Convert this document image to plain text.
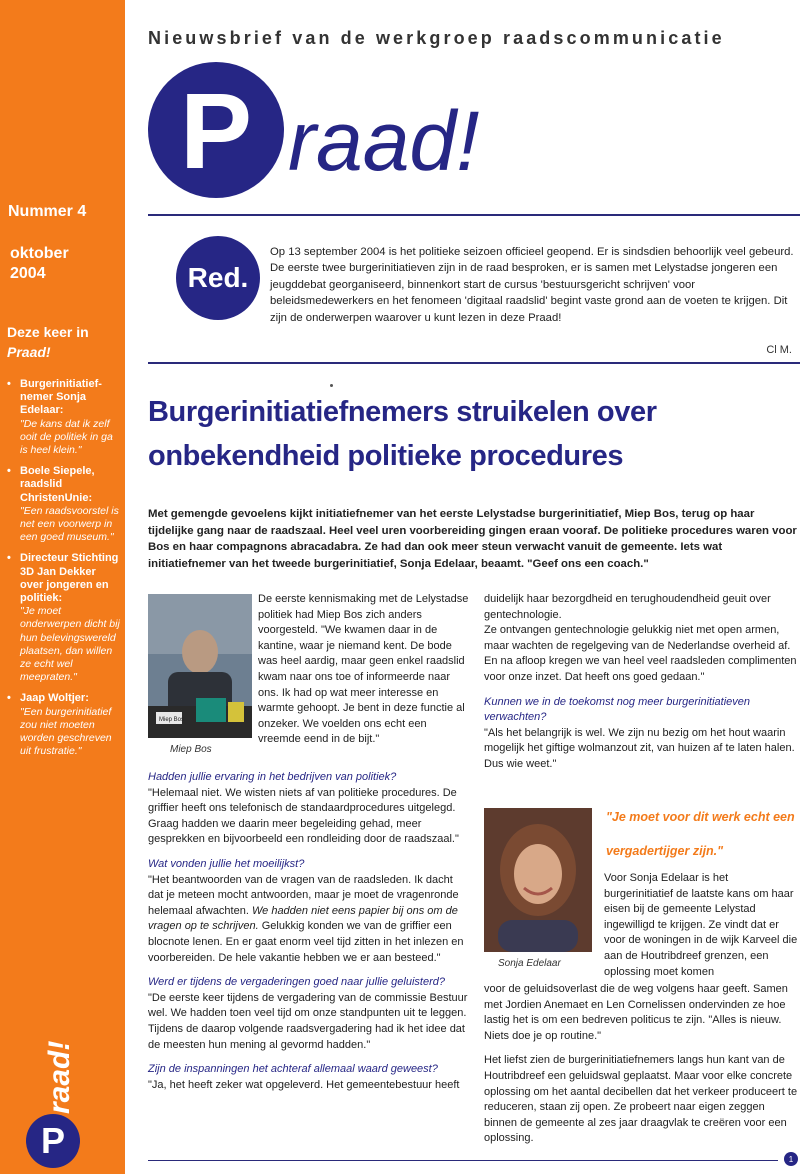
Nummer 4
oktober
2004
Deze keer in
Praad!
• Burgerinitiatief-nemer Sonja Edelaar:
"De kans dat ik zelf ooit de politiek in ga is heel klein."
• Boele Siepele, raadslid ChristenUnie:
"Een raadsvoorstel is net een voorwerp in een goed museum."
• Directeur Stichting 3D Jan Dekker over jongeren en politiek:
"Je moet onderwerpen dicht bij hun belevingswereld plaatsen, dan willen ze echt wel meepraten."
• Jaap Woltjer:
"Een burgerinitiatief zou niet moeten worden geschreven uit frustratie."
P
raad!
Nieuwsbrief van de werkgroep raadscommunicatie
P raad!
Red.
Op 13 september 2004 is het politieke seizoen officieel geopend. Er is sindsdien behoorlijk veel gebeurd. De eerste twee burgerinitiatieven zijn in de raad besproken, er is samen met Lelystadse jongeren een jeugddebat georganiseerd, binnenkort start de cursus 'bestuursgericht schrijven' voor beleidsmedewerkers en het fenomeen 'digitaal raadslid' begint vaste grond aan de voeten te krijgen. Dit zijn de onderwerpen waarover u kunt lezen in deze Praad!
Cl M.
Burgerinitiatiefnemers struikelen over onbekendheid politieke procedures
Met gemengde gevoelens kijkt initiatiefnemer van het eerste Lelystadse burgerinitiatief, Miep Bos, terug op haar tijdelijke gang naar de raadszaal. Heel veel uren voorbereiding gingen eraan vooraf. De politieke procedures waren voor Bos en haar compagnons abracadabra. Ze had dan ook meer steun verwacht vanuit de gemeente. Iets wat initiatiefnemer van het tweede burgerinitiatief, Sonja Edelaar, beaamt. "Geef ons een coach."
Miep Bos
Miep Bos
De eerste kennismaking met de Lelystadse politiek had Miep Bos zich anders voorgesteld. "We kwamen daar in de kantine, waar je niemand kent. De bode was heel aardig, maar geen enkel raadslid kwam naar ons toe of informeerde naar ons. Ik had op wat meer interesse en warmte gehoopt. Je bent in deze functie al onzeker. We voelden ons echt een vreemde eend in de bijt."
Hadden jullie ervaring in het bedrijven van politiek?
"Helemaal niet. We wisten niets af van politieke procedures. De griffier heeft ons telefonisch de standaardprocedures uitgelegd. Graag hadden we daarin meer begeleiding gehad, meer gesprekken en bijvoorbeeld een rondleiding door de raadszaal."
Wat vonden jullie het moeilijkst?
"Het beantwoorden van de vragen van de raadsleden. Ik dacht dat je meteen mocht antwoorden, maar je moet de vragenronde helemaal afwachten. We hadden niet eens papier bij ons om de vragen op te schrijven. Gelukkig konden we van de griffier een blocnote lenen. En er gaat enorm veel tijd zitten in het inlezen en voorbereiden. De hele vakantie hebben we er aan besteed."
Werd er tijdens de vergaderingen goed naar jullie geluisterd?
"De eerste keer tijdens de vergadering van de commissie Bestuur wel. We hadden toen veel tijd om onze standpunten uit te leggen. Tijdens de daarop volgende raadsvergadering had ik het idee dat de meesten hun mening al gevormd hadden."
Zijn de inspanningen het achteraf allemaal waard geweest?
"Ja, het heeft zeker wat opgeleverd. Het gemeentebestuur heeft
duidelijk haar bezorgdheid en terughoudendheid geuit over gentechnologie.
Ze ontvangen gentechnologie gelukkig niet met open armen, maar wachten de regelgeving van de Nederlandse overheid af. En na afloop kregen we van heel veel raadsleden complimenten voor onze inzet. Dat heeft ons goed gedaan."
Kunnen we in de toekomst nog meer burgerinitiatieven verwachten?
"Als het belangrijk is wel. We zijn nu bezig om het hout waarin mogelijk het giftige wolmanzout zit, van huizen af te laten halen. Dus wie weet."
Sonja Edelaar
"Je moet voor dit werk echt een vergadertijger zijn."
Voor Sonja Edelaar is het burgerinitiatief de laatste kans om haar eisen bij de gemeente Lelystad ingewilligd te krijgen. Ze vindt dat er voor de woningen in de wijk Karveel die aan de Houtribdreef grenzen, een oplossing moet komen
voor de geluidsoverlast die de weg volgens haar geeft. Samen met Jordien Anemaet en Len Cornelissen ondervinden ze hoe lastig het is om een bedreven politicus te zijn. "Alles is nieuw. Niets doe je op routine."
Het liefst zien de burgerinitiatiefnemers langs hun kant van de Houtribdreef een geluidswal geplaatst. Maar voor elke concrete oplossing om het aantal decibellen dat het verkeer produceert te reduceren, staan zij open. Ze probeert naar eigen zeggen binnen de gemeente al zes jaar draagvlak te creëren voor een oplossing.
1
